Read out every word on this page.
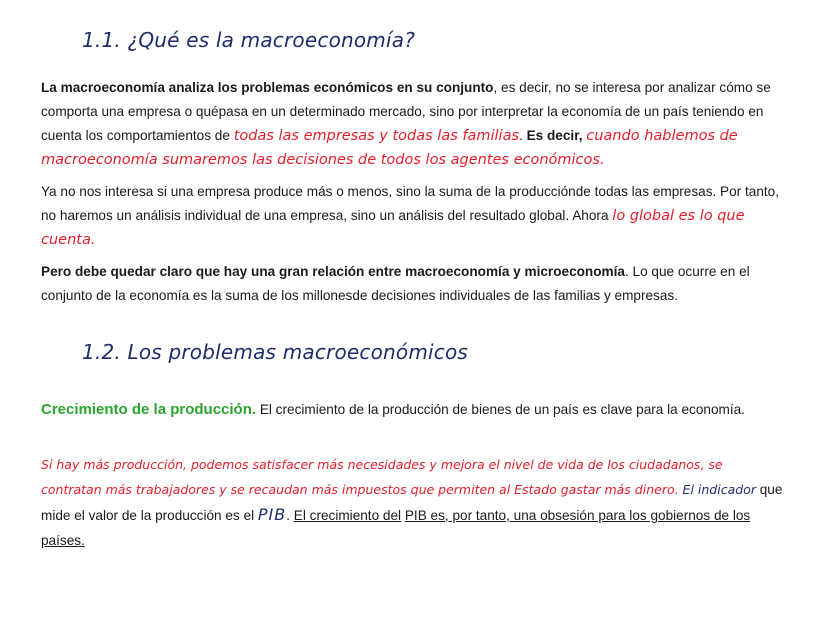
1.1. ¿Qué es la macroeconomía?
La macroeconomía analiza los problemas económicos en su conjunto, es decir, no se interesa por analizar cómo se comporta una empresa o quépasa en un determinado mercado, sino por interpretar la economía de un país teniendo en cuenta los comportamientos de todas las empresas y todas las familias. Es decir, cuando hablemos de macroeconomía sumaremos las decisiones de todos los agentes económicos.
Ya no nos interesa si una empresa produce más o menos, sino la suma de la produccióndе todas las empresas. Por tanto, no haremos un análisis individual de una empresa, sino un análisis del resultado global. Ahora lo global es lo que cuenta.
Pero debe quedar claro que hay una gran relación entre macroeconomía y microeconomía. Lo que ocurre en el conjunto de la economía es la suma de los millonesde decisiones individuales de las familias y empresas.
1.2. Los problemas macroeconómicos
Crecimiento de la producción. El crecimiento de la producción de bienes de un país es clave para la economía.
Si hay más producción, podemos satisfacer más necesidades y mejora el nivel de vida de los ciudadanos, se contratan más trabajadores y se recaudan más impuestos que permiten al Estado gastar más dinero. El indicador que mide el valor de la producción es el PIB. El crecimiento del PIB es, por tanto, una obsesión para los gobiernos de los países.
